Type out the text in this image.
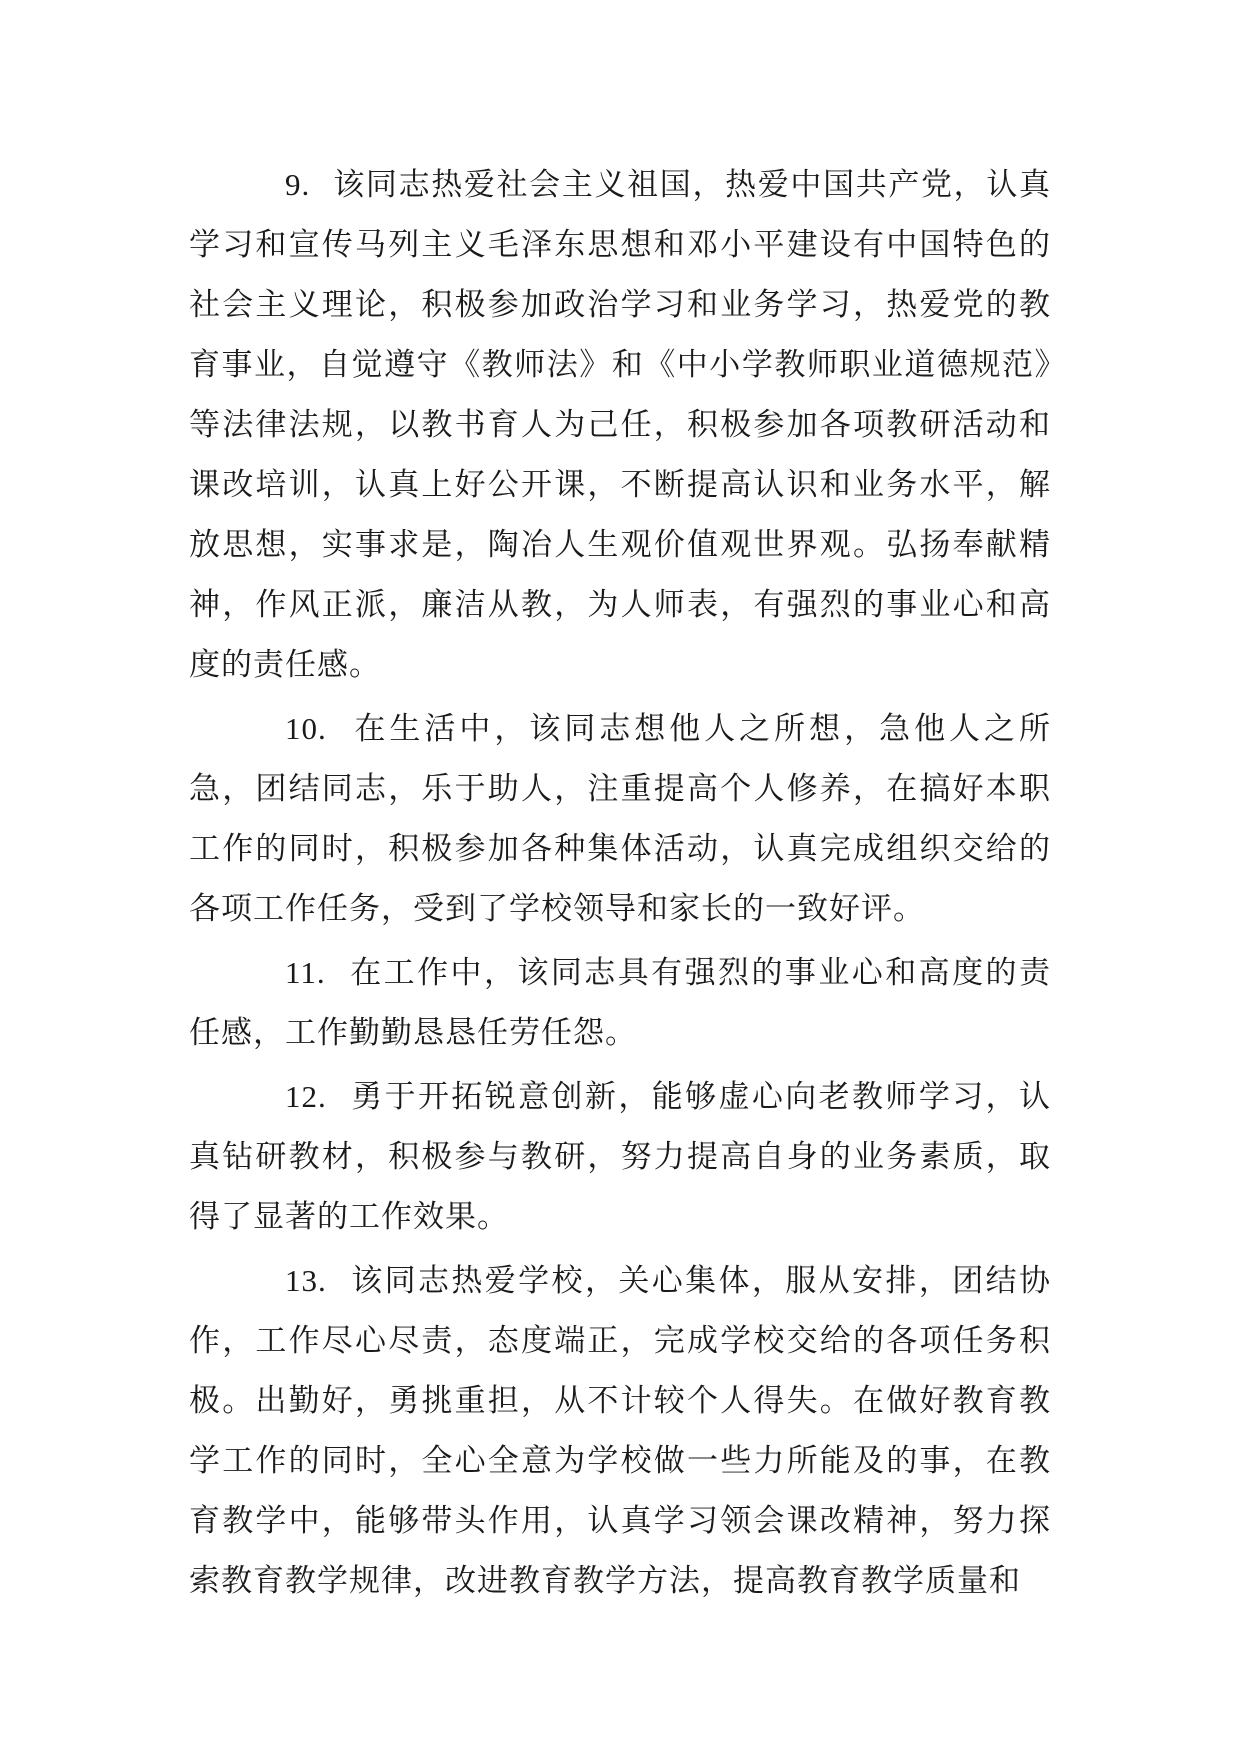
9. 该同志热爱社会主义祖国，热爱中国共产党，认真学习和宣传马列主义毛泽东思想和邓小平建设有中国特色的社会主义理论，积极参加政治学习和业务学习，热爱党的教育事业，自觉遵守《教师法》和《中小学教师职业道德规范》等法律法规，以教书育人为己任，积极参加各项教研活动和课改培训，认真上好公开课，不断提高认识和业务水平，解放思想，实事求是，陶冶人生观价值观世界观。弘扬奉献精神，作风正派，廉洁从教，为人师表，有强烈的事业心和高度的责任感。

10. 在生活中，该同志想他人之所想，急他人之所急，团结同志，乐于助人，注重提高个人修养，在搞好本职工作的同时，积极参加各种集体活动，认真完成组织交给的各项工作任务，受到了学校领导和家长的一致好评。

11. 在工作中，该同志具有强烈的事业心和高度的责任感，工作勤勤恳恳任劳任怨。

12. 勇于开拓锐意创新，能够虚心向老教师学习，认真钻研教材，积极参与教研，努力提高自身的业务素质，取得了显著的工作效果。

13. 该同志热爱学校，关心集体，服从安排，团结协作，工作尽心尽责，态度端正，完成学校交给的各项任务积极。出勤好，勇挑重担，从不计较个人得失。在做好教育教学工作的同时，全心全意为学校做一些力所能及的事，在教育教学中，能够带头作用，认真学习领会课改精神，努力探索教育教学规律，改进教育教学方法，提高教育教学质量和
